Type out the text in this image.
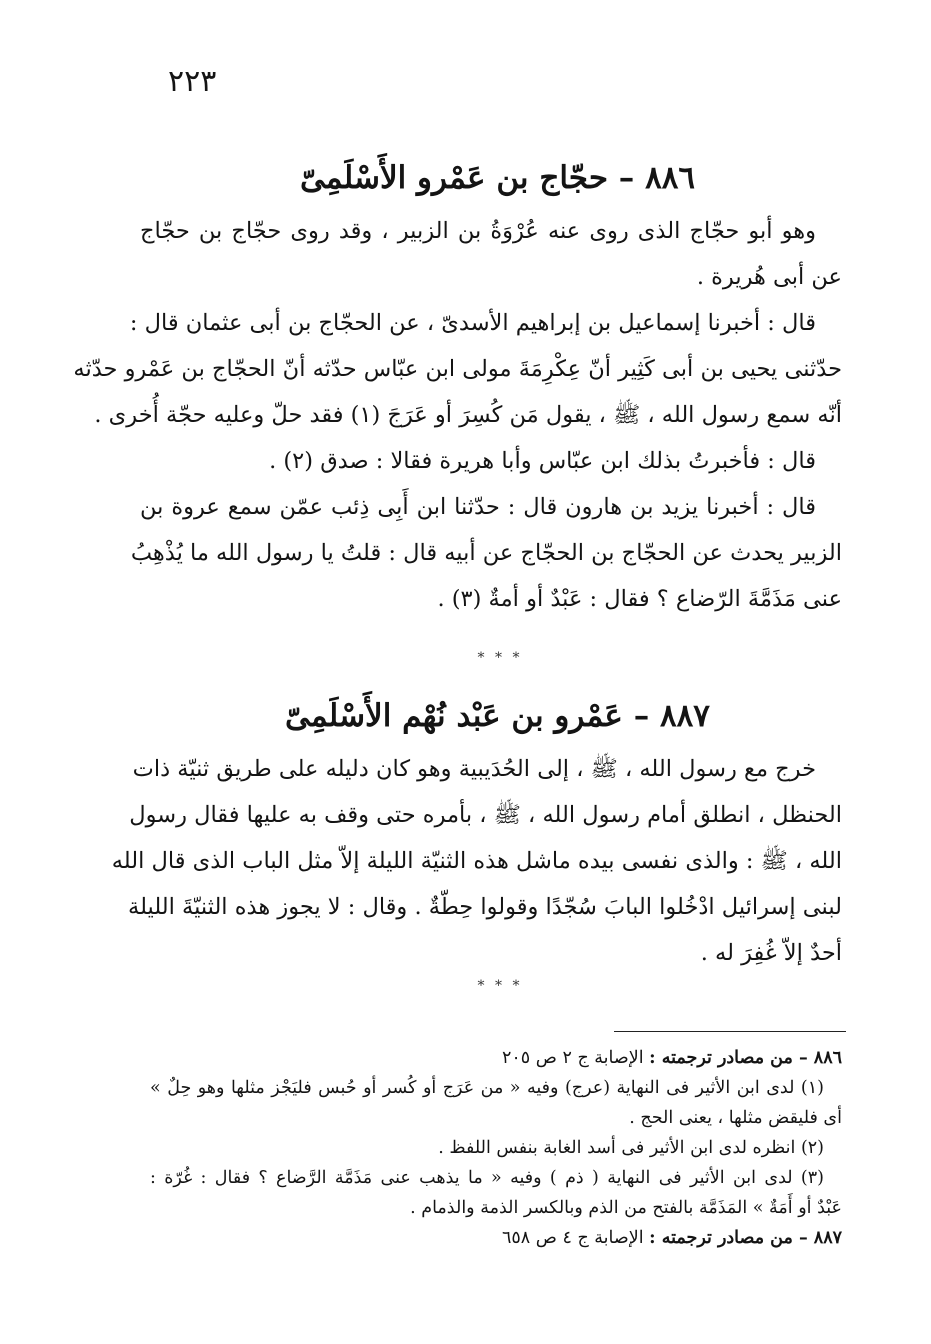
٢٢٣
٨٨٦ – حجّاج بن عَمْرو الأَسْلَمِىّ

وهو أبو حجّاج الذى روى عنه عُرْوَةُ بن الزبير ، وقد روى حجّاج بن حجّاج

عن أبى هُريرة .

قال : أخبرنا إسماعيل بن إبراهيم الأسدىّ ، عن الحجّاج بن أبى عثمان قال :

حدّثنى يحيى بن أبى كَثِير أنّ عِكْرِمَةَ مولى ابن عبّاس حدّثه أنّ الحجّاج بن عَمْرو حدّثه
أنّه سمع رسول الله ، ﷺ ، يقول مَن كُسِرَ أو عَرَجَ (١) فقد حلّ وعليه حجّة أُخرى .

قال : فأخبرتُ بذلك ابن عبّاس وأبا هريرة فقالا : صدق (٢) .

قال : أخبرنا يزيد بن هارون قال : حدّثنا ابن أَبِى ذِئب عمّن سمع عروة بن

الزبير يحدث عن الحجّاج بن الحجّاج عن أبيه قال : قلتُ يا رسول الله ما يُذْهِبُ
عنى مَذَمَّةَ الرّضاع ؟ فقال : عَبْدٌ أو أمةٌ (٣) .
* * *
٨٨٧ – عَمْرو بن عَبْد نُهْم الأَسْلَمِىّ

خرج مع رسول الله ، ﷺ ، إلى الحُدَيبية وهو كان دليله على طريق ثنيّة ذات

الحنظل ، انطلق أمام رسول الله ، ﷺ ، بأمره حتى وقف به عليها فقال رسول
الله ، ﷺ : والذى نفسى بيده ماشل هذه الثنيّة الليلة إلاّ مثل الباب الذى قال الله
لبنى إسرائيل ادْخُلوا البابَ سُجّدًا وقولوا حِطّةٌ . وقال : لا يجوز هذه الثنيّةَ الليلة
أحدٌ إلاّ غُفِرَ له .
* * *
٨٨٦ – من مصادر ترجمته : الإصابة ج ٢ ص ٢٠٥
(١) لدى ابن الأثير فى النهاية (عرج) وفيه « من عَرَج أو كُسر أو حُبس فليَجْز مثلها وهو حِلٌ »
أى فليقض مثلها ، يعنى الحج .
(٢) انظره لدى ابن الأثير فى أسد الغابة بنفس اللفظ .
(٣) لدى ابن الأثير فى النهاية ( ذم ) وفيه « ما يذهب عنى مَذَمَّة الرَّضاع ؟ فقال : غُرّة :
عَبْدٌ أو أَمَةٌ » المَذَمَّة بالفتح من الذم وبالكسر الذمة والذمام .
٨٨٧ – من مصادر ترجمته : الإصابة ج ٤ ص ٦٥٨
